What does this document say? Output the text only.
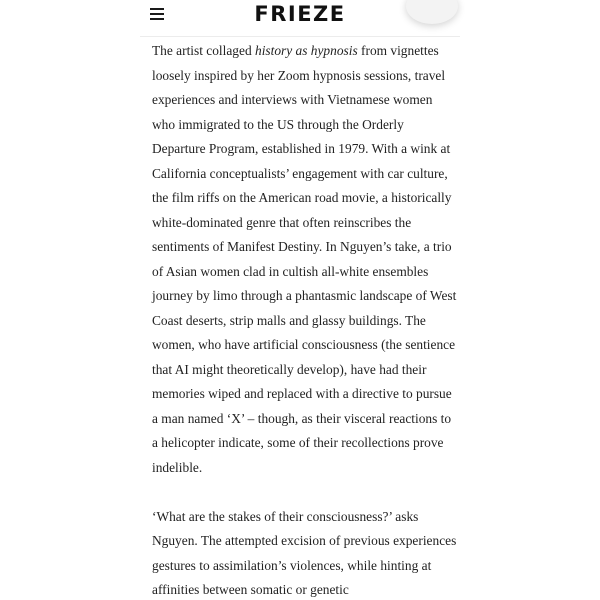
FRIEZE

The artist collaged history as hypnosis from vignettes loosely inspired by her Zoom hypnosis sessions, travel experiences and interviews with Vietnamese women who immigrated to the US through the Orderly Departure Program, established in 1979. With a wink at California conceptualists’ engagement with car culture, the film riffs on the American road movie, a historically white-dominated genre that often reinscribes the sentiments of Manifest Destiny. In Nguyen’s take, a trio of Asian women clad in cultish all-white ensembles journey by limo through a phantasmic landscape of West Coast deserts, strip malls and glassy buildings. The women, who have artificial consciousness (the sentience that AI might theoretically develop), have had their memories wiped and replaced with a directive to pursue a man named ‘X’ – though, as their visceral reactions to a helicopter indicate, some of their recollections prove indelible.

‘What are the stakes of their consciousness?’ asks Nguyen. The attempted excision of previous experiences gestures to assimilation’s violences, while hinting at affinities between somatic or genetic
